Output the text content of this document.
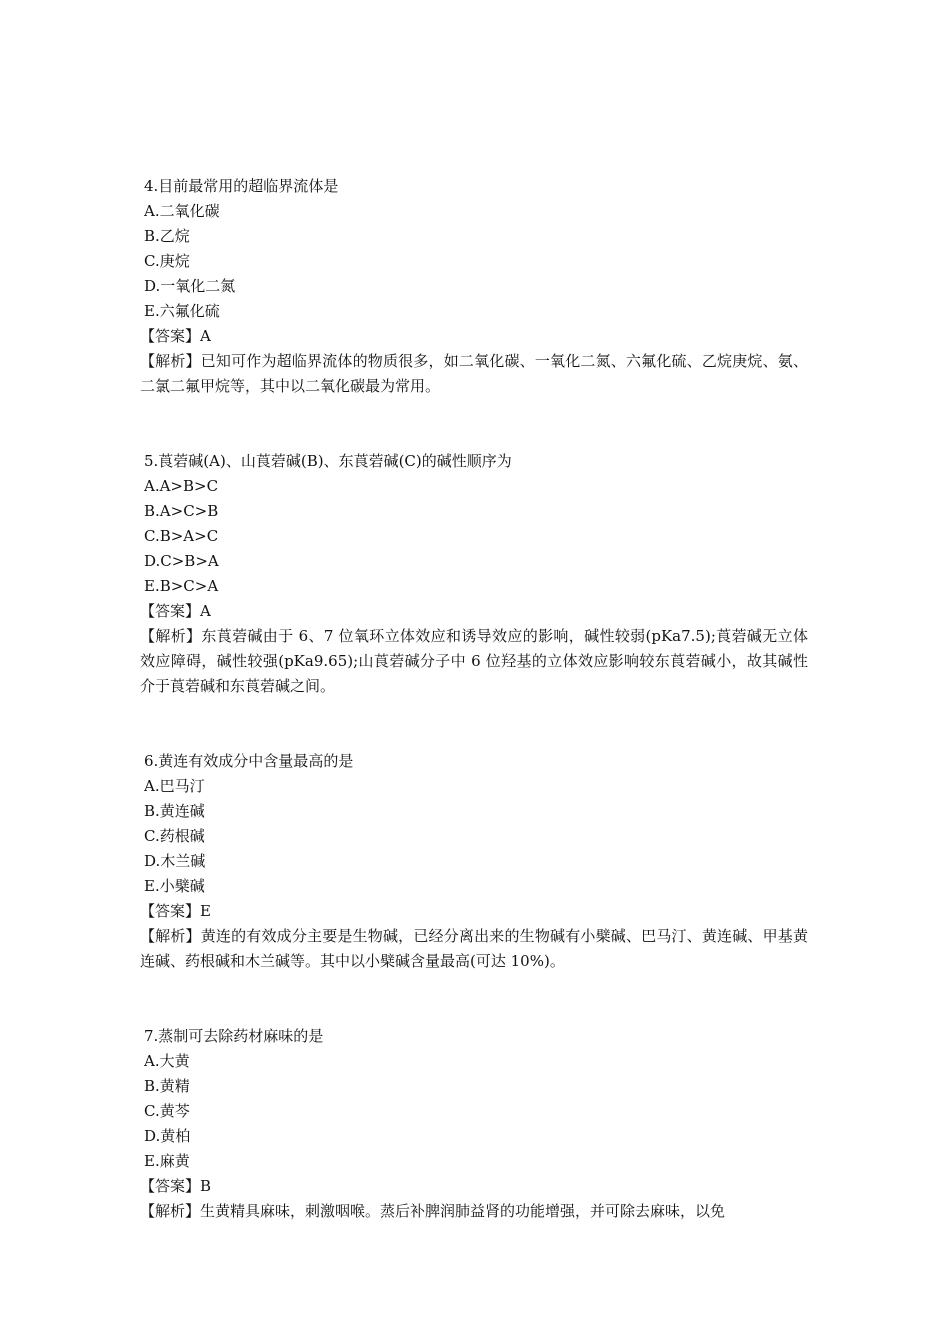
4.目前最常用的超临界流体是
A.二氧化碳
B.乙烷
C.庚烷
D.一氧化二氮
E.六氟化硫
【答案】A
【解析】已知可作为超临界流体的物质很多，如二氧化碳、一氧化二氮、六氟化硫、乙烷庚烷、氨、二氯二氟甲烷等，其中以二氧化碳最为常用。
5.莨菪碱(A)、山莨菪碱(B)、东莨菪碱(C)的碱性顺序为
A.A>B>C
B.A>C>B
C.B>A>C
D.C>B>A
E.B>C>A
【答案】A
【解析】东莨菪碱由于 6、7 位氧环立体效应和诱导效应的影响，碱性较弱(pKa7.5);莨菪碱无立体效应障碍，碱性较强(pKa9.65);山莨菪碱分子中 6 位羟基的立体效应影响较东莨菪碱小，故其碱性介于莨菪碱和东莨菪碱之间。
6.黄连有效成分中含量最高的是
A.巴马汀
B.黄连碱
C.药根碱
D.木兰碱
E.小檗碱
【答案】E
【解析】黄连的有效成分主要是生物碱，已经分离出来的生物碱有小檗碱、巴马汀、黄连碱、甲基黄连碱、药根碱和木兰碱等。其中以小檗碱含量最高(可达 10%)。
7.蒸制可去除药材麻味的是
A.大黄
B.黄精
C.黄芩
D.黄柏
E.麻黄
【答案】B
【解析】生黄精具麻味，刺激咽喉。蒸后补脾润肺益肾的功能增强，并可除去麻味，以免
